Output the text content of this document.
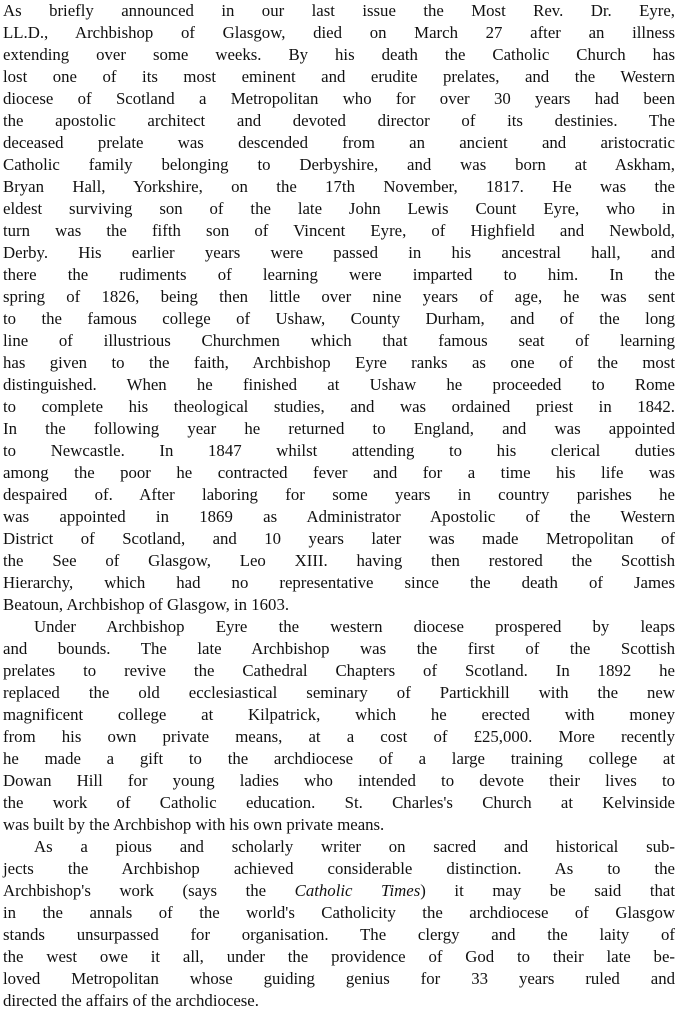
As briefly announced in our last issue the Most Rev. Dr. Eyre,

LL.D., Archbishop of Glasgow, died on March 27 after an illness

extending over some weeks. By his death the Catholic Church has

lost one of its most eminent and erudite prelates, and the Western

diocese of Scotland a Metropolitan who for over 30 years had been

the apostolic architect and devoted director of its destinies. The

deceased prelate was descended from an ancient and aristocratic

Catholic family belonging to Derbyshire, and was born at Askham,

Bryan Hall, Yorkshire, on the 17th November, 1817. He was the

eldest surviving son of the late John Lewis Count Eyre, who in

turn was the fifth son of Vincent Eyre, of Highfield and Newbold,

Derby. His earlier years were passed in his ancestral hall, and

there the rudiments of learning were imparted to him. In the

spring of 1826, being then little over nine years of age, he was sent

to the famous college of Ushaw, County Durham, and of the long

line of illustrious Churchmen which that famous seat of learning

has given to the faith, Archbishop Eyre ranks as one of the most

distinguished. When he finished at Ushaw he proceeded to Rome

to complete his theological studies, and was ordained priest in 1842.

In the following year he returned to England, and was appointed

to Newcastle. In 1847 whilst attending to his clerical duties

among the poor he contracted fever and for a time his life was

despaired of. After laboring for some years in country parishes he

was appointed in 1869 as Administrator Apostolic of the Western

District of Scotland, and 10 years later was made Metropolitan of

the See of Glasgow, Leo XIII. having then restored the Scottish

Hierarchy, which had no representative since the death of James

Beatoun, Archbishop of Glasgow, in 1603.

Under Archbishop Eyre the western diocese prospered by leaps

and bounds. The late Archbishop was the first of the Scottish

prelates to revive the Cathedral Chapters of Scotland. In 1892 he

replaced the old ecclesiastical seminary of Partickhill with the new

magnificent college at Kilpatrick, which he erected with money

from his own private means, at a cost of £25,000. More recently

he made a gift to the archdiocese of a large training college at

Dowan Hill for young ladies who intended to devote their lives to

the work of Catholic education. St. Charles's Church at Kelvinside

was built by the Archbishop with his own private means.

As a pious and scholarly writer on sacred and historical sub-

jects the Archbishop achieved considerable distinction. As to the

Archbishop's work (says the Catholic Times) it may be said that

in the annals of the world's Catholicity the archdiocese of Glasgow

stands unsurpassed for organisation. The clergy and the laity of

the west owe it all, under the providence of God to their late be-

loved Metropolitan whose guiding genius for 33 years ruled and

directed the affairs of the archdiocese.
